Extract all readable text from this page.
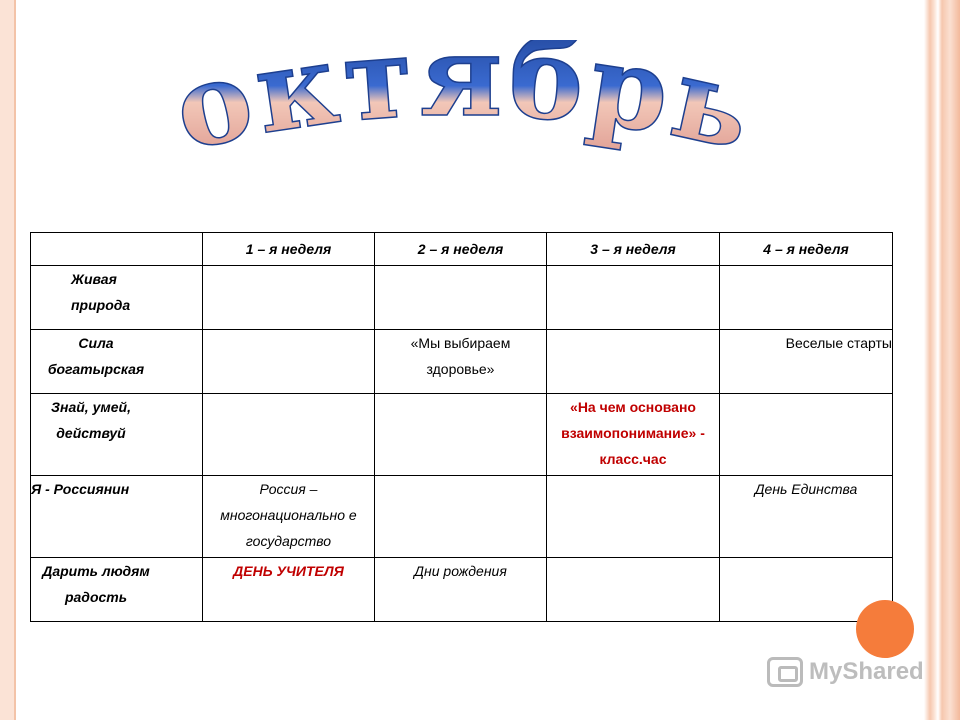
октябрь
	1 – я неделя	2 – я неделя	3 – я неделя	4 – я неделя

Живая природа				

Сила богатырская		«Мы выбираем здоровье»		Веселые старты

Знай, умей, действуй			«На чем основано взаимопонимание» - класс.час	
Я - Россиянин	Россия – многонационально е государство			День Единства

Дарить людям радость	ДЕНЬ УЧИТЕЛЯ	Дни рождения		
MyShared
